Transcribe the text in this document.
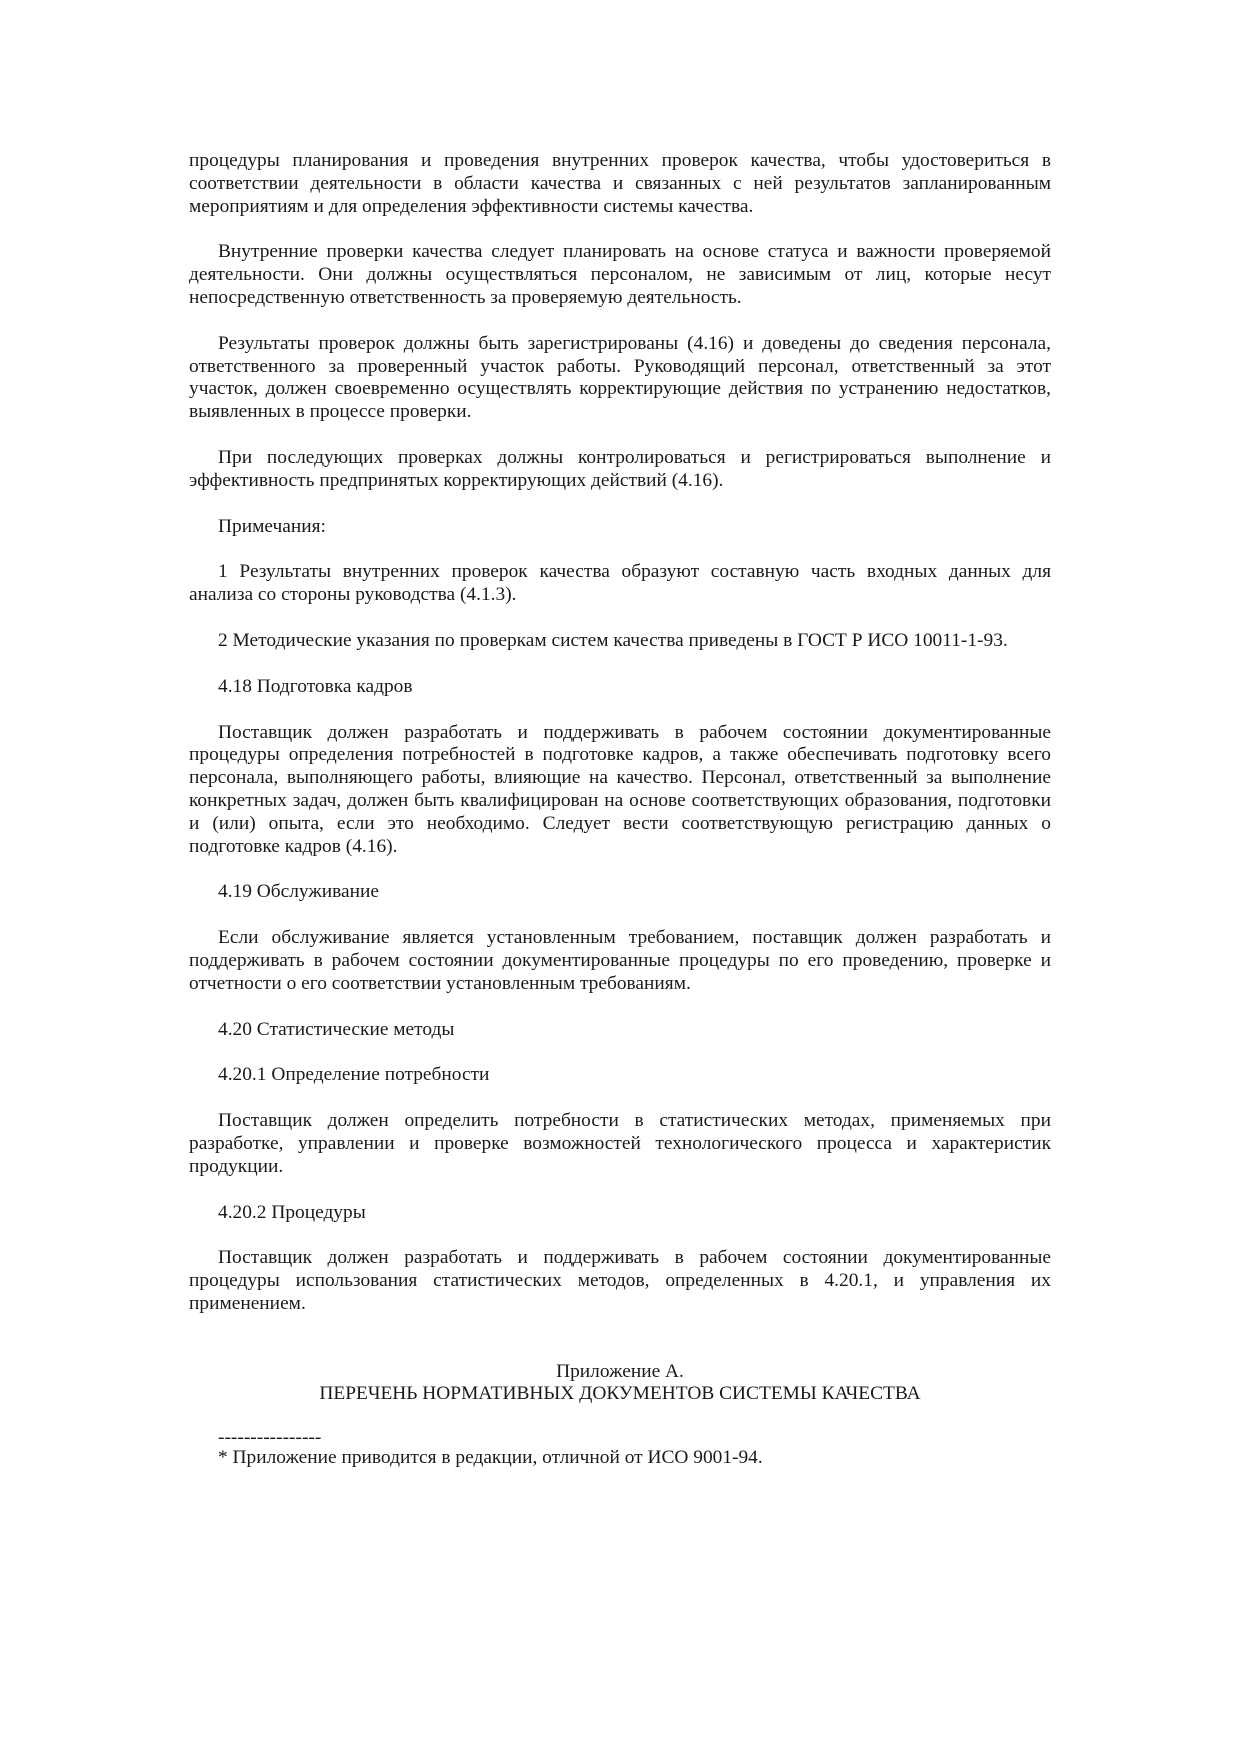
процедуры планирования и проведения внутренних проверок качества, чтобы удостовериться в соответствии деятельности в области качества и связанных с ней результатов запланированным мероприятиям и для определения эффективности системы качества.

Внутренние проверки качества следует планировать на основе статуса и важности проверяемой деятельности. Они должны осуществляться персоналом, не зависимым от лиц, которые несут непосредственную ответственность за проверяемую деятельность.

Результаты проверок должны быть зарегистрированы (4.16) и доведены до сведения персонала, ответственного за проверенный участок работы. Руководящий персонал, ответственный за этот участок, должен своевременно осуществлять корректирующие действия по устранению недостатков, выявленных в процессе проверки.

При последующих проверках должны контролироваться и регистрироваться выполнение и эффективность предпринятых корректирующих действий (4.16).

Примечания:

1 Результаты внутренних проверок качества образуют составную часть входных данных для анализа со стороны руководства (4.1.3).

2 Методические указания по проверкам систем качества приведены в ГОСТ Р ИСО 10011-1-93.

4.18 Подготовка кадров

Поставщик должен разработать и поддерживать в рабочем состоянии документированные процедуры определения потребностей в подготовке кадров, а также обеспечивать подготовку всего персонала, выполняющего работы, влияющие на качество. Персонал, ответственный за выполнение конкретных задач, должен быть квалифицирован на основе соответствующих образования, подготовки и (или) опыта, если это необходимо. Следует вести соответствующую регистрацию данных о подготовке кадров (4.16).

4.19 Обслуживание

Если обслуживание является установленным требованием, поставщик должен разработать и поддерживать в рабочем состоянии документированные процедуры по его проведению, проверке и отчетности о его соответствии установленным требованиям.

4.20 Статистические методы

4.20.1 Определение потребности

Поставщик должен определить потребности в статистических методах, применяемых при разработке, управлении и проверке возможностей технологического процесса и характеристик продукции.

4.20.2 Процедуры

Поставщик должен разработать и поддерживать в рабочем состоянии документированные процедуры использования статистических методов, определенных в 4.20.1, и управления их применением.

Приложение А.
ПЕРЕЧЕНЬ НОРМАТИВНЫХ ДОКУМЕНТОВ СИСТЕМЫ КАЧЕСТВА
----------------
* Приложение приводится в редакции, отличной от ИСО 9001-94.
